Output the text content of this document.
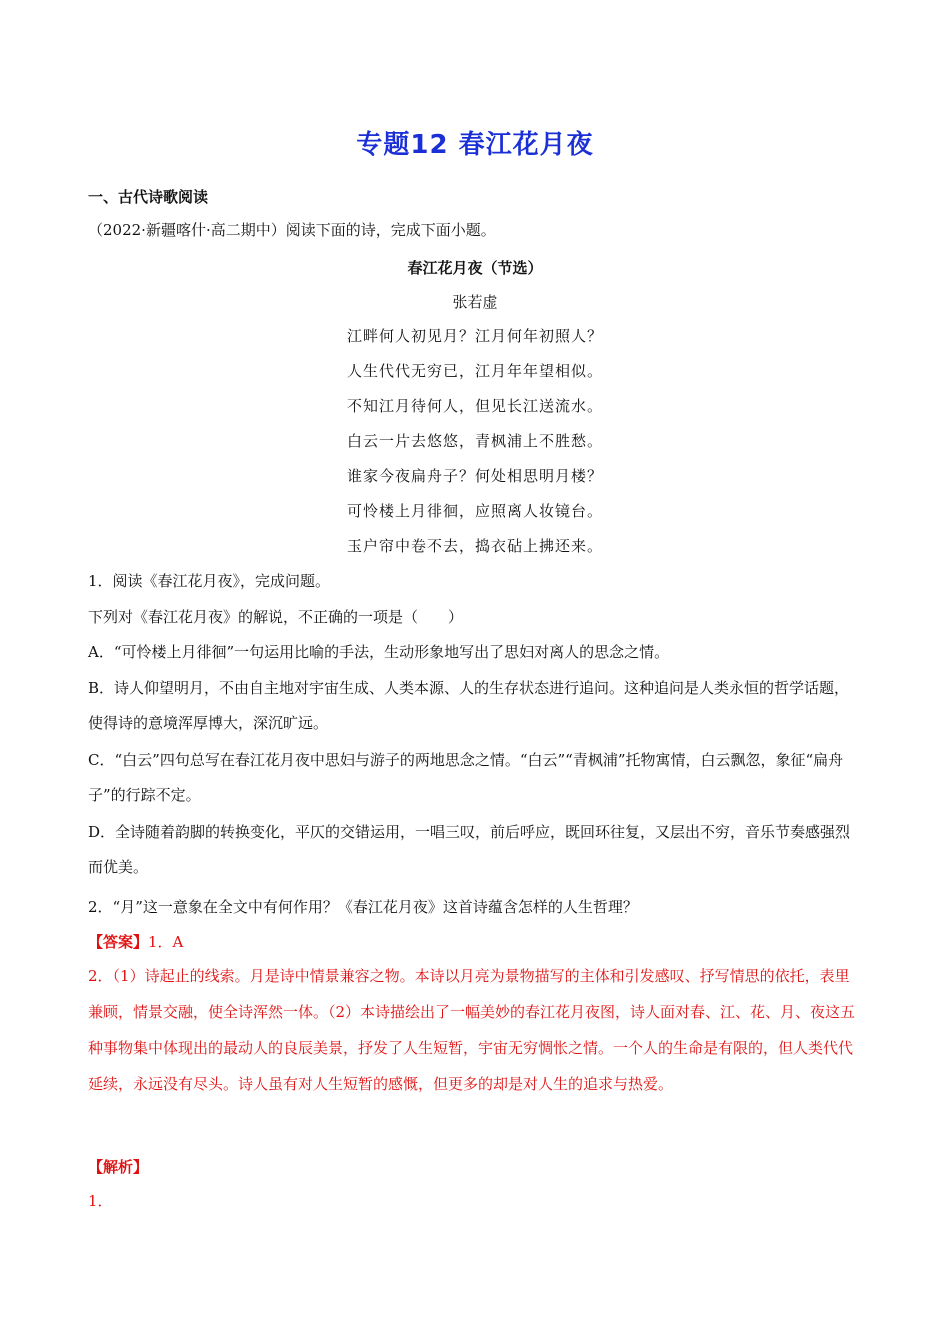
专题12 春江花月夜
一、古代诗歌阅读
（2022·新疆喀什·高二期中）阅读下面的诗，完成下面小题。
春江花月夜（节选）
张若虚
江畔何人初见月？江月何年初照人？
人生代代无穷已，江月年年望相似。
不知江月待何人，但见长江送流水。
白云一片去悠悠，青枫浦上不胜愁。
谁家今夜扁舟子？何处相思明月楼？
可怜楼上月徘徊，应照离人妆镜台。
玉户帘中卷不去，捣衣砧上拂还来。
1．阅读《春江花月夜》，完成问题。
下列对《春江花月夜》的解说，不正确的一项是（　　）
A．“可怜楼上月徘徊”一句运用比喻的手法，生动形象地写出了思妇对离人的思念之情。
B．诗人仰望明月，不由自主地对宇宙生成、人类本源、人的生存状态进行追问。这种追问是人类永恒的哲学话题，使得诗的意境浑厚博大，深沉旷远。
C．“白云”四句总写在春江花月夜中思妇与游子的两地思念之情。“白云”“青枫浦”托物寓情，白云飘忽，象征“扁舟子”的行踪不定。
D．全诗随着韵脚的转换变化，平仄的交错运用，一唱三叹，前后呼应，既回环往复，又层出不穷，音乐节奏感强烈而优美。
2．“月”这一意象在全文中有何作用？《春江花月夜》这首诗蕴含怎样的人生哲理？
【答案】1．A
2．（1）诗起止的线索。月是诗中情景兼容之物。本诗以月亮为景物描写的主体和引发感叹、抒写情思的依托，表里兼顾，情景交融，使全诗浑然一体。（2）本诗描绘出了一幅美妙的春江花月夜图，诗人面对春、江、花、月、夜这五种事物集中体现出的最动人的良辰美景，抒发了人生短暂，宇宙无穷惆怅之情。一个人的生命是有限的，但人类代代延续，永远没有尽头。诗人虽有对人生短暂的感慨，但更多的却是对人生的追求与热爱。
【解析】
1．
